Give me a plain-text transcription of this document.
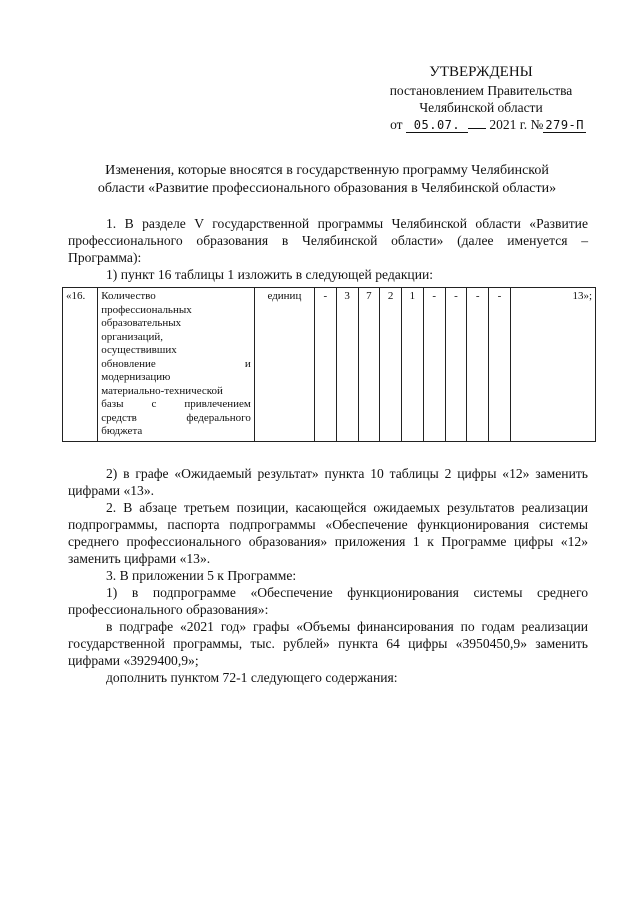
УТВЕРЖДЕНЫ
постановлением Правительства
Челябинской области
от 05.07. 2021 г. № 279-П
Изменения, которые вносятся в государственную программу Челябинской
области «Развитие профессионального образования в Челябинской области»

1. В разделе V государственной программы Челябинской области «Развитие профессионального образования в Челябинской области» (далее именуется – Программа):

1) пункт 16 таблицы 1 изложить в следующей редакции:

«16.	Количество
профессиональных
образовательных
организаций,
осуществивших
обновление и
модернизацию
материально-технической
базы с привлечением
средств федерального
бюджета
	единиц	-	3	7	2	1	-	-	-	-	13»;

2) в графе «Ожидаемый результат» пункта 10 таблицы 2 цифры «12» заменить цифрами «13».

2. В абзаце третьем позиции, касающейся ожидаемых результатов реализации подпрограммы, паспорта подпрограммы «Обеспечение функционирования системы среднего профессионального образования» приложения 1 к Программе цифры «12» заменить цифрами «13».

3. В приложении 5 к Программе:

1) в подпрограмме «Обеспечение функционирования системы среднего профессионального образования»:

в подграфе «2021 год» графы «Объемы финансирования по годам реализации государственной программы, тыс. рублей» пункта 64 цифры «3950450,9» заменить цифрами «3929400,9»;

дополнить пунктом 72-1 следующего содержания:
